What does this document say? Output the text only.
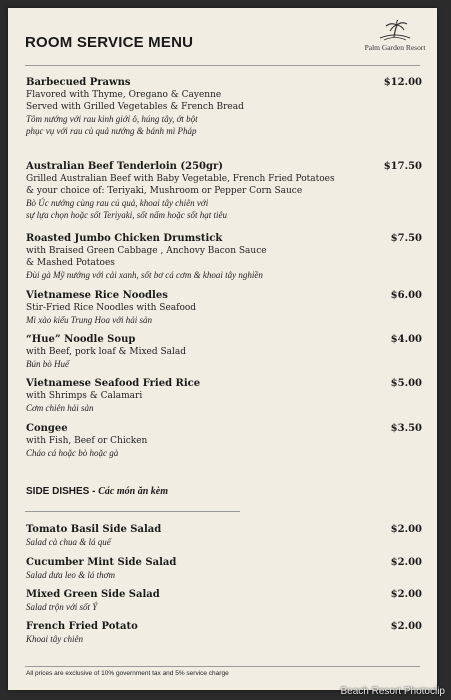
ROOM SERVICE MENU	Palm Garden Resort
Barbecued Prawns	$12.00
Flavored with Thyme, Oregano & Cayenne
Served with Grilled Vegetables & French Bread
Tôm nướng với rau kinh giới ô, húng tây, ớt bột
phục vụ với rau củ quả nướng & bánh mì Pháp
Australian Beef Tenderloin (250gr)	$17.50
Grilled Australian Beef with Baby Vegetable, French Fried Potatoes
& your choice of: Teriyaki, Mushroom or Pepper Corn Sauce
Bò Úc nướng cùng rau củ quả, khoai tây chiên với
sự lựa chọn hoặc sốt Teriyaki, sốt nấm hoặc sốt hạt tiêu
Roasted Jumbo Chicken Drumstick	$7.50
with Braised Green Cabbage , Anchovy Bacon Sauce
& Mashed Potatoes
Đùi gà Mỹ nướng với cải xanh, sốt bơ cá cơm & khoai tây nghiền
Vietnamese Rice Noodles	$6.00
Stir-Fried Rice Noodles with Seafood
Mì xào kiểu Trung Hoa với hải sản
“Hue” Noodle Soup	$4.00
with Beef, pork loaf & Mixed Salad
Bún bò Huế
Vietnamese Seafood Fried Rice	$5.00
with Shrimps & Calamari
Cơm chiên hải sản
Congee	$3.50
with Fish, Beef or Chicken
Cháo cá hoặc bò hoặc gà
SIDE DISHES - Các món ăn kèm
Tomato Basil Side Salad	$2.00
Salad cà chua & lá quế
Cucumber Mint Side Salad	$2.00
Salad dưa leo & lá thơm
Mixed Green Side Salad	$2.00
Salad trộn với sốt Ý
French Fried Potato	$2.00
Khoai tây chiên
All prices are exclusive of 10% government tax and 5% service charge
Beach Resort Photoclip
